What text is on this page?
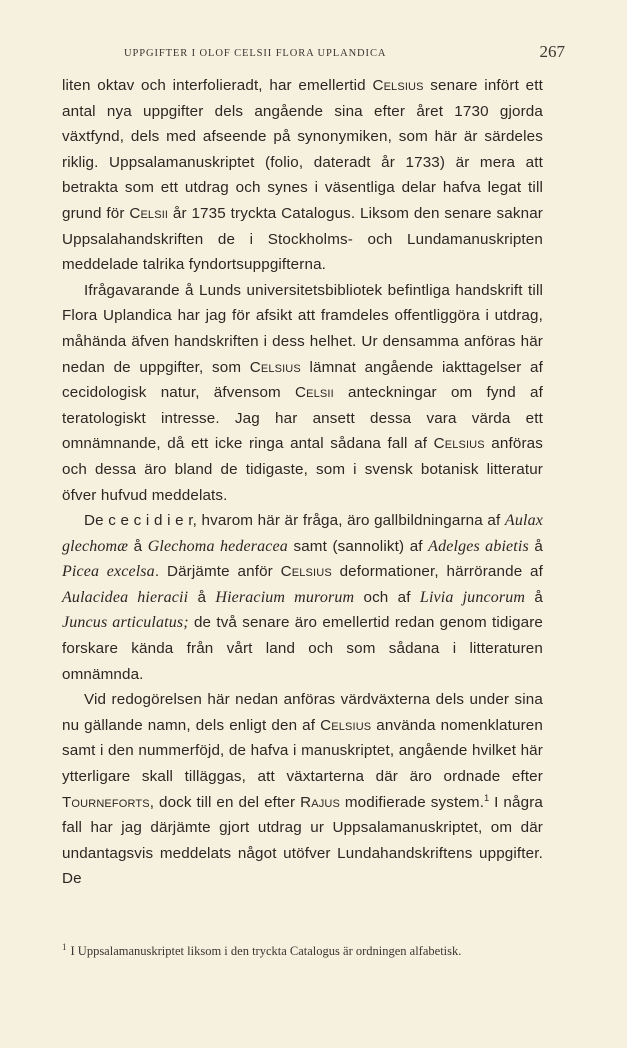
UPPGIFTER I OLOF CELSII FLORA UPLANDICA	267

liten oktav och interfolieradt, har emellertid Celsius senare infört ett antal nya uppgifter dels angående sina efter året 1730 gjorda växtfynd, dels med afseende på synonymiken, som här är särdeles riklig. Uppsalamanuskriptet (folio, dateradt år 1733) är mera att betrakta som ett utdrag och synes i väsentliga delar hafva legat till grund för Celsii år 1735 tryckta Catalogus. Liksom den senare saknar Uppsalahandskriften de i Stockholms- och Lundamanuskripten meddelade talrika fyndortsuppgifterna.

Ifrågavarande å Lunds universitetsbibliotek befintliga handskrift till Flora Uplandica har jag för afsikt att framdeles offentliggöra i utdrag, måhända äfven handskriften i dess helhet. Ur densamma anföras här nedan de uppgifter, som Celsius lämnat angående iakttagelser af cecidologisk natur, äfvensom Celsii anteckningar om fynd af teratologiskt intresse. Jag har ansett dessa vara värda ett omnämnande, då ett icke ringa antal sådana fall af Celsius anföras och dessa äro bland de tidigaste, som i svensk botanisk litteratur öfver hufvud meddelats.

De c e c i d i e r, hvarom här är fråga, äro gallbildningarna af Aulax glechomæ å Glechoma hederacea samt (sannolikt) af Adelges abietis å Picea excelsa. Därjämte anför Celsius deformationer, härrörande af Aulacidea hieracii å Hieracium murorum och af Livia juncorum å Juncus articulatus; de två senare äro emellertid redan genom tidigare forskare kända från vårt land och som sådana i litteraturen omnämnda.

Vid redogörelsen här nedan anföras värdväxterna dels under sina nu gällande namn, dels enligt den af Celsius använda nomenklaturen samt i den nummerföjd, de hafva i manuskriptet, angående hvilket här ytterligare skall tilläggas, att växtarterna där äro ordnade efter Tourneforts, dock till en del efter Rajus modifierade system.$^1$ I några fall har jag därjämte gjort utdrag ur Uppsalamanuskriptet, om där undantagsvis meddelats något utöfver Lundahandskriftens uppgifter. De

$^1$ I Uppsalamanuskriptet liksom i den tryckta Catalogus är ordningen alfabetisk.
